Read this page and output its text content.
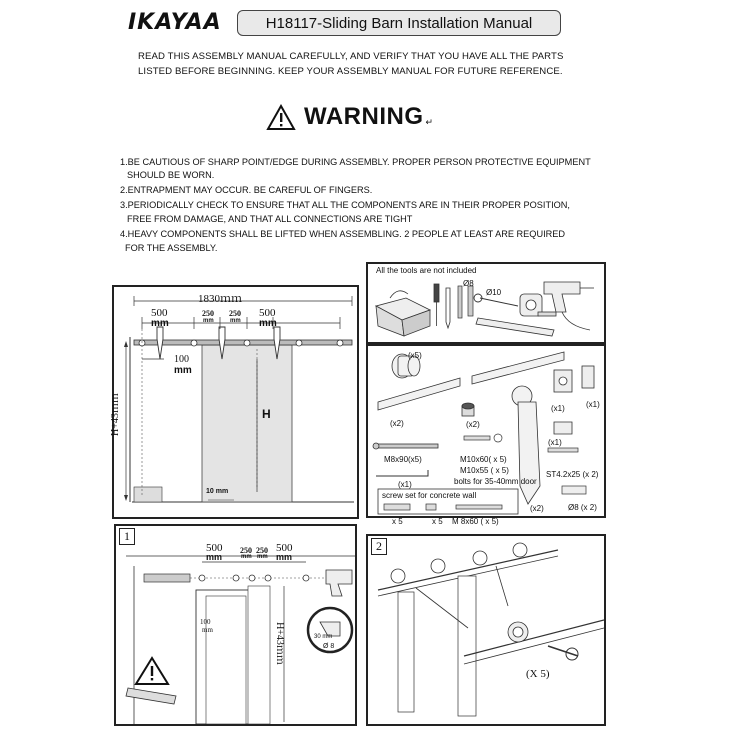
IKAYAA	H18117-Sliding Barn Installation Manual
READ THIS ASSEMBLY MANUAL CAREFULLY, AND VERIFY THAT YOU HAVE ALL THE PARTS
LISTED BEFORE BEGINNING. KEEP YOUR ASSEMBLY MANUAL FOR FUTURE REFERENCE.
WARNING ↵
1.BE CAUTIOUS OF SHARP POINT/EDGE DURING ASSEMBLY. PROPER PERSON PROTECTIVE EQUIPMENT
SHOULD BE WORN.
2.ENTRAPMENT MAY OCCUR. BE CAREFUL OF FINGERS.
3.PERIODICALLY CHECK TO ENSURE THAT ALL THE COMPONENTS ARE IN THEIR PROPER POSITION,
FREE FROM DAMAGE, AND THAT ALL CONNECTIONS ARE TIGHT
4.HEAVY COMPONENTS SHALL BE LIFTED WHEN ASSEMBLING. 2 PEOPLE AT LEAST ARE REQUIRED
FOR THE ASSEMBLY.
1830ｍｍ
500
mm
250
mm
250
mm
500
mm
100
mm
H+43ｍｍ	H
10 mm
All the tools are not included
Ø8
Ø10
(x5)
(x2)	(x2)
(x1)	(x1)
(x1)
M8x90(x5)	M10x60( x 5)
M10x55 ( x 5)
bolts for 35-40mm door
(x1)
ST4.2x25 (x 2)
Ø8 (x 2)
(x2)
screw set for concrete wall
x 5	x 5 M 8x60 ( x 5)
1
500
mm
250
mm
250
mm
500
mm
100
mm	H+43ｍｍ	30 mm
Ø 8
2
(X 5)
